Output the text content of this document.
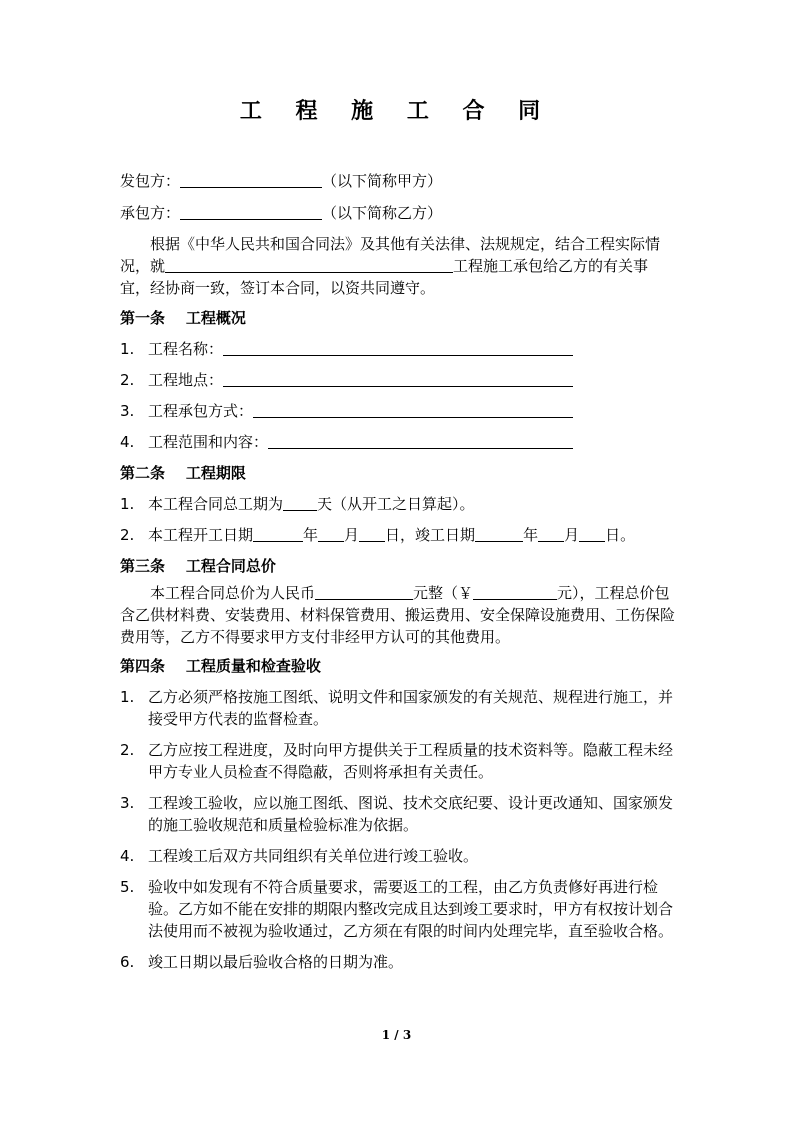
工 程 施 工 合 同
发包方：	（以下简称甲方）
承包方：	（以下简称乙方）
根据《中华人民共和国合同法》及其他有关法律、法规规定，结合工程实际情况，就	工程施工承包给乙方的有关事宜，经协商一致，签订本合同，以资共同遵守。
第一条    工程概况
1. 工程名称：
2. 工程地点：
3. 工程承包方式：
4. 工程范围和内容：
第二条    工程期限
1. 本工程合同总工期为 天（从开工之日算起）。
2. 本工程开工日期	年 月 日，竣工日期	年 月 日。
第三条    工程合同总价
本工程合同总价为人民币	元整（￥	元），工程总价包含乙供材料费、安装费用、材料保管费用、搬运费用、安全保障设施费用、工伤保险费用等，乙方不得要求甲方支付非经甲方认可的其他费用。
第四条    工程质量和检查验收
1. 乙方必须严格按施工图纸、说明文件和国家颁发的有关规范、规程进行施工，并接受甲方代表的监督检查。
2. 乙方应按工程进度，及时向甲方提供关于工程质量的技术资料等。隐蔽工程未经甲方专业人员检查不得隐蔽，否则将承担有关责任。
3. 工程竣工验收，应以施工图纸、图说、技术交底纪要、设计更改通知、国家颁发的施工验收规范和质量检验标准为依据。
4. 工程竣工后双方共同组织有关单位进行竣工验收。
5. 验收中如发现有不符合质量要求，需要返工的工程，由乙方负责修好再进行检验。乙方如不能在安排的期限内整改完成且达到竣工要求时，甲方有权按计划合法使用而不被视为验收通过，乙方须在有限的时间内处理完毕，直至验收合格。
6. 竣工日期以最后验收合格的日期为准。
1 / 3
